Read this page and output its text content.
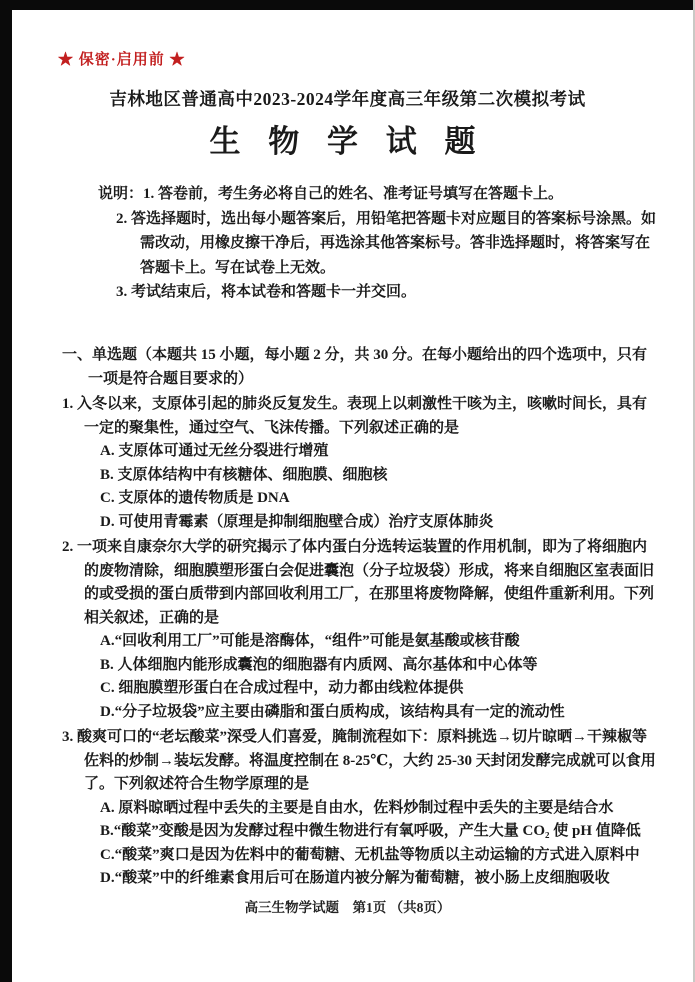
★ 保密·启用前 ★
吉林地区普通高中2023-2024学年度高三年级第二次模拟考试
生 物 学 试 题

说明：1. 答卷前，考生务必将自己的姓名、准考证号填写在答题卡上。

2. 答选择题时，选出每小题答案后，用铅笔把答题卡对应题目的答案标号涂黑。如需改动，用橡皮擦干净后，再选涂其他答案标号。答非选择题时，将答案写在答题卡上。写在试卷上无效。

3. 考试结束后，将本试卷和答题卡一并交回。

一、单选题（本题共 15 小题，每小题 2 分，共 30 分。在每小题给出的四个选项中，只有一项是符合题目要求的）

1. 入冬以来，支原体引起的肺炎反复发生。表现上以刺激性干咳为主，咳嗽时间长，具有一定的聚集性，通过空气、飞沫传播。下列叙述正确的是

A. 支原体可通过无丝分裂进行增殖

B. 支原体结构中有核糖体、细胞膜、细胞核

C. 支原体的遗传物质是 DNA

D. 可使用青霉素（原理是抑制细胞壁合成）治疗支原体肺炎

2. 一项来自康奈尔大学的研究揭示了体内蛋白分选转运装置的作用机制，即为了将细胞内的废物清除，细胞膜塑形蛋白会促进囊泡（分子垃圾袋）形成，将来自细胞区室表面旧的或受损的蛋白质带到内部回收利用工厂，在那里将废物降解，使组件重新利用。下列相关叙述，正确的是

A.“回收利用工厂”可能是溶酶体，“组件”可能是氨基酸或核苷酸

B. 人体细胞内能形成囊泡的细胞器有内质网、高尔基体和中心体等

C. 细胞膜塑形蛋白在合成过程中，动力都由线粒体提供

D.“分子垃圾袋”应主要由磷脂和蛋白质构成，该结构具有一定的流动性

3. 酸爽可口的“老坛酸菜”深受人们喜爱，腌制流程如下：原料挑选→切片晾晒→干辣椒等佐料的炒制→装坛发酵。将温度控制在 8-25℃，大约 25-30 天封闭发酵完成就可以食用了。下列叙述符合生物学原理的是

A. 原料晾晒过程中丢失的主要是自由水，佐料炒制过程中丢失的主要是结合水

B.“酸菜”变酸是因为发酵过程中微生物进行有氧呼吸，产生大量 CO₂ 使 pH 值降低

C.“酸菜”爽口是因为佐料中的葡萄糖、无机盐等物质以主动运输的方式进入原料中

D.“酸菜”中的纤维素食用后可在肠道内被分解为葡萄糖，被小肠上皮细胞吸收

高三生物学试题　第1页 （共8页）
